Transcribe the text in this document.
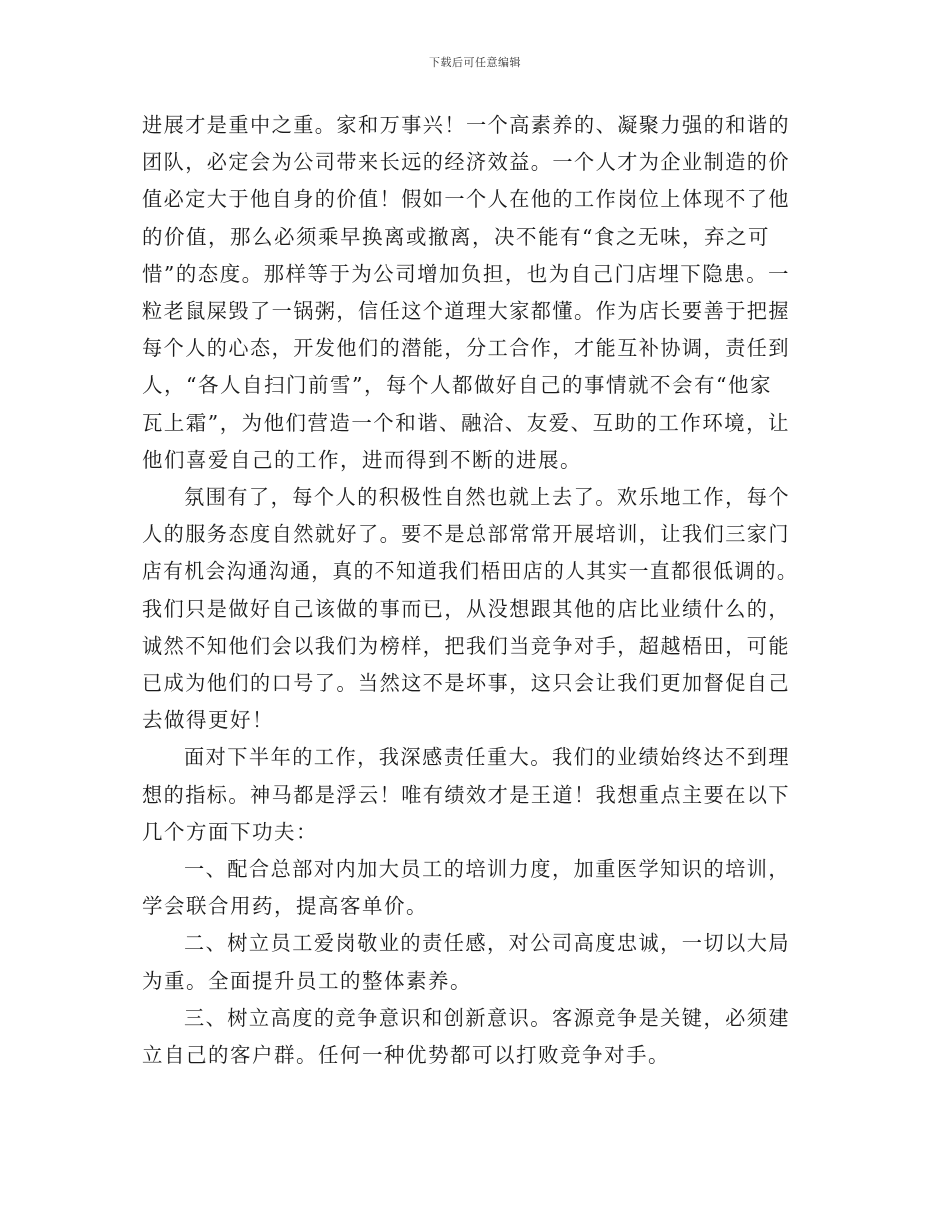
下载后可任意编辑
进展才是重中之重。家和万事兴！一个高素养的、凝聚力强的和谐的
团队，必定会为公司带来长远的经济效益。一个人才为企业制造的价
值必定大于他自身的价值！假如一个人在他的工作岗位上体现不了他
的价值，那么必须乘早换离或撤离，决不能有“食之无味，弃之可
惜”的态度。那样等于为公司增加负担，也为自己门店埋下隐患。一
粒老鼠屎毁了一锅粥，信任这个道理大家都懂。作为店长要善于把握
每个人的心态，开发他们的潜能，分工合作，才能互补协调，责任到
人，“各人自扫门前雪”，每个人都做好自己的事情就不会有“他家
瓦上霜”，为他们营造一个和谐、融洽、友爱、互助的工作环境，让
他们喜爱自己的工作，进而得到不断的进展。
氛围有了，每个人的积极性自然也就上去了。欢乐地工作，每个
人的服务态度自然就好了。要不是总部常常开展培训，让我们三家门
店有机会沟通沟通，真的不知道我们梧田店的人其实一直都很低调的。
我们只是做好自己该做的事而已，从没想跟其他的店比业绩什么的，
诚然不知他们会以我们为榜样，把我们当竞争对手，超越梧田，可能
已成为他们的口号了。当然这不是坏事，这只会让我们更加督促自己
去做得更好！
面对下半年的工作，我深感责任重大。我们的业绩始终达不到理
想的指标。神马都是浮云！唯有绩效才是王道！我想重点主要在以下
几个方面下功夫：
一、配合总部对内加大员工的培训力度，加重医学知识的培训，
学会联合用药，提高客单价。
二、树立员工爱岗敬业的责任感，对公司高度忠诚，一切以大局
为重。全面提升员工的整体素养。
三、树立高度的竞争意识和创新意识。客源竞争是关键，必须建
立自己的客户群。任何一种优势都可以打败竞争对手。
